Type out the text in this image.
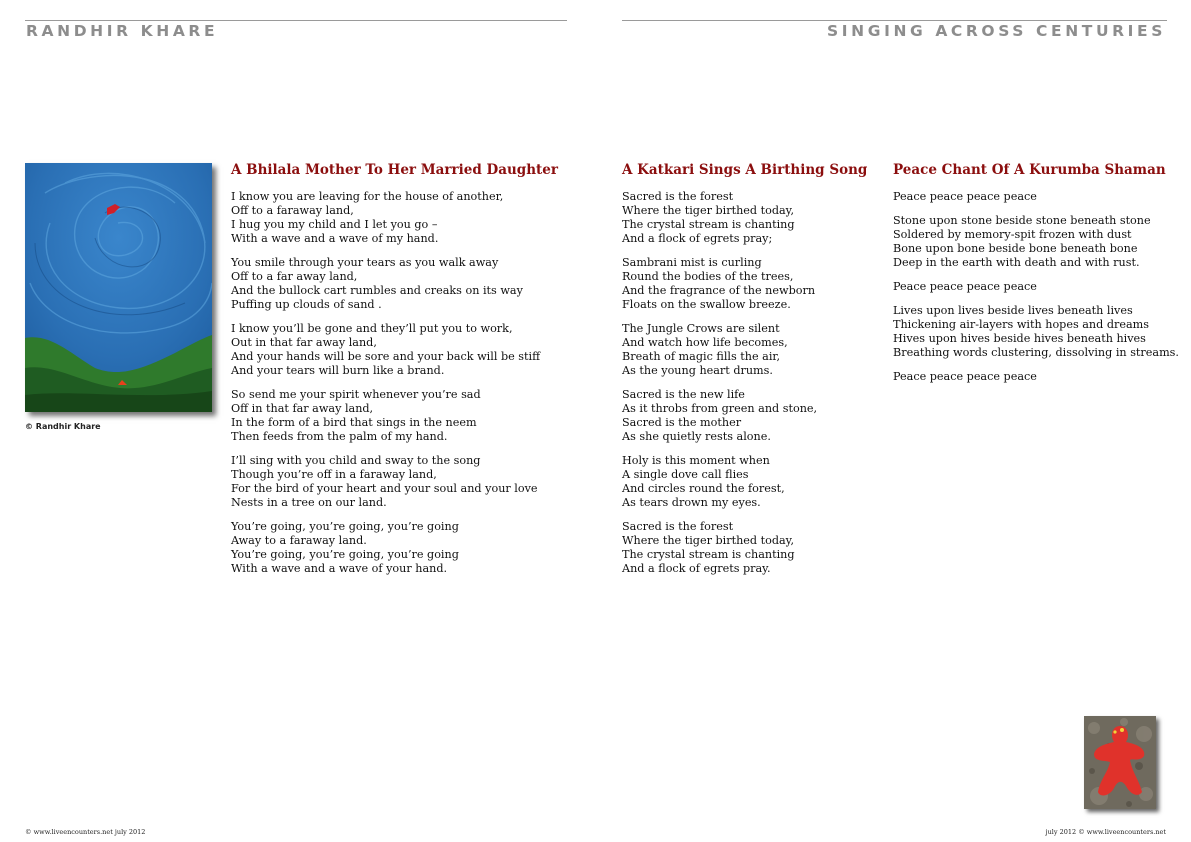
RANDHIR KHARE	SINGING ACROSS CENTURIES
© Randhir Khare
A Bhilala Mother To Her Married Daughter
I know you are leaving for the house of another,
Off to a faraway land,
I hug you my child and I let you go –
With a wave and a wave of my hand.
You smile through your tears as you walk away
Off to a far away land,
And the bullock cart rumbles and creaks on its way
Puffing up clouds of sand .
I know you’ll be gone and they’ll put you to work,
Out in that far away land,
And your hands will be sore and your back will be stiff
And your tears will burn like a brand.
So send me your spirit whenever you’re sad
Off in that far away land,
In the form of a bird that sings in the neem
Then feeds from the palm of my hand.
I’ll sing with you child and sway to the song
Though you’re off in a faraway land,
For the bird of your heart and your soul and your love
Nests in a tree on our land.
You’re going, you’re going, you’re going
Away to a faraway land.
You’re going, you’re going, you’re going
With a wave and a wave of your hand.
A Katkari Sings A Birthing Song
Sacred is the forest
Where the tiger birthed today,
The crystal stream is chanting
And a flock of egrets pray;
Sambrani mist is curling
Round the bodies of the trees,
And the fragrance of the newborn
Floats on the swallow breeze.
The Jungle Crows are silent
And watch how life becomes,
Breath of magic fills the air,
As the young heart drums.
Sacred is the new life
As it throbs from green and stone,
Sacred is the mother
As she quietly rests alone.
Holy is this moment when
A single dove call flies
And circles round the forest,
As tears drown my eyes.
Sacred is the forest
Where the tiger birthed today,
The crystal stream is chanting
And a flock of egrets pray.
Peace Chant Of A Kurumba Shaman
Peace peace peace peace
Stone upon stone beside stone beneath stone
Soldered by memory-spit frozen with dust
Bone upon bone beside bone beneath bone
Deep in the earth with death and with rust.
Peace peace peace peace
Lives upon lives beside lives beneath lives
Thickening air-layers with hopes and dreams
Hives upon hives beside hives beneath hives
Breathing words clustering, dissolving in streams.
Peace peace peace peace
© www.liveencounters.net july 2012	july 2012 © www.liveencounters.net
